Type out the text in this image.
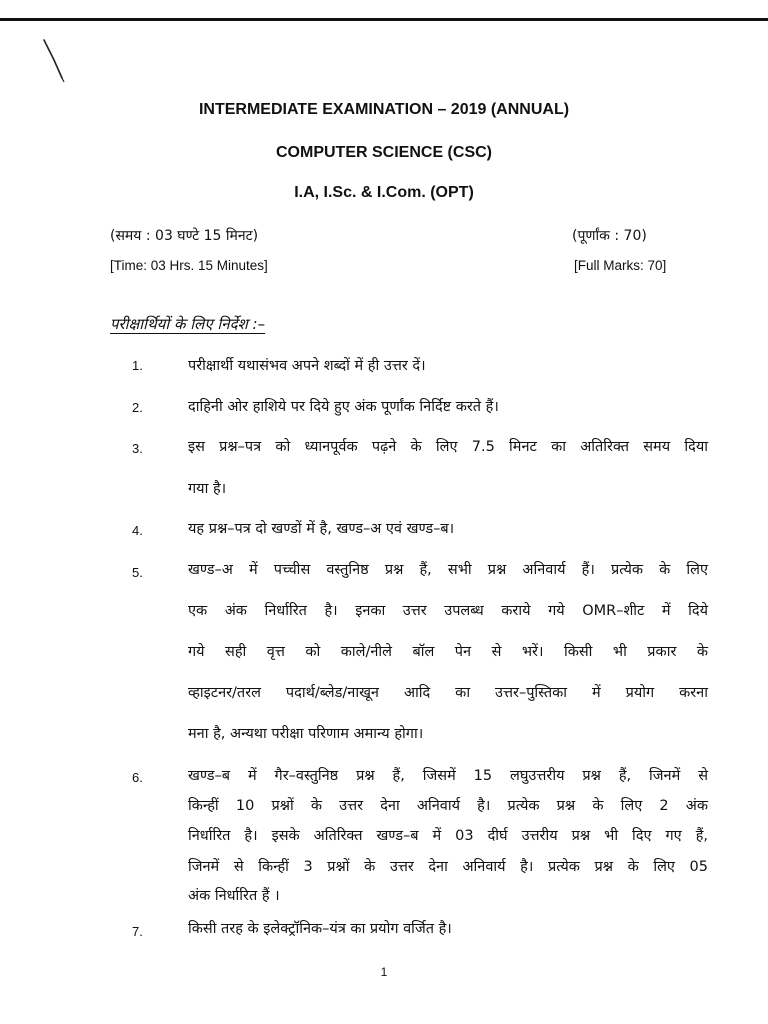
INTERMEDIATE EXAMINATION – 2019 (ANNUAL)
COMPUTER SCIENCE (CSC)
I.A, I.Sc. & I.Com. (OPT)
(समय : 03 घण्टे 15 मिनट)	(पूर्णांक : 70)
[Time: 03 Hrs. 15 Minutes]	[Full Marks: 70]
परीक्षार्थियों के लिए निर्देश :–
1.	परीक्षार्थी यथासंभव अपने शब्दों में ही उत्तर दें।
2.	दाहिनी ओर हाशिये पर दिये हुए अंक पूर्णांक निर्दिष्ट करते हैं।
3.	इस प्रश्न–पत्र को ध्यानपूर्वक पढ़ने के लिए 7.5 मिनट का अतिरिक्त समय दिया
गया है।
4.	यह प्रश्न–पत्र दो खण्डों में है, खण्ड–अ एवं खण्ड–ब।
5.	खण्ड–अ में पच्चीस वस्तुनिष्ठ प्रश्न हैं, सभी प्रश्न अनिवार्य हैं। प्रत्येक के लिए
एक अंक निर्धारित है। इनका उत्तर उपलब्ध कराये गये OMR–शीट में दिये
गये सही वृत्त को काले/नीले बॉल पेन से भरें। किसी भी प्रकार के
व्हाइटनर/तरल पदार्थ/ब्लेड/नाखून आदि का उत्तर–पुस्तिका में प्रयोग करना
मना है, अन्यथा परीक्षा परिणाम अमान्य होगा।
6.	खण्ड–ब में गैर–वस्तुनिष्ठ प्रश्न हैं, जिसमें 15 लघुउत्तरीय प्रश्न हैं, जिनमें से
किन्हीं 10 प्रश्नों के उत्तर देना अनिवार्य है। प्रत्येक प्रश्न के लिए 2 अंक
निर्धारित है। इसके अतिरिक्त खण्ड–ब में 03 दीर्घ उत्तरीय प्रश्न भी दिए गए हैं,
जिनमें से किन्हीं 3 प्रश्नों के उत्तर देना अनिवार्य है। प्रत्येक प्रश्न के लिए 05
अंक निर्धारित हैं ।
7.	किसी तरह के इलेक्ट्रॉनिक–यंत्र का प्रयोग वर्जित है।
1
